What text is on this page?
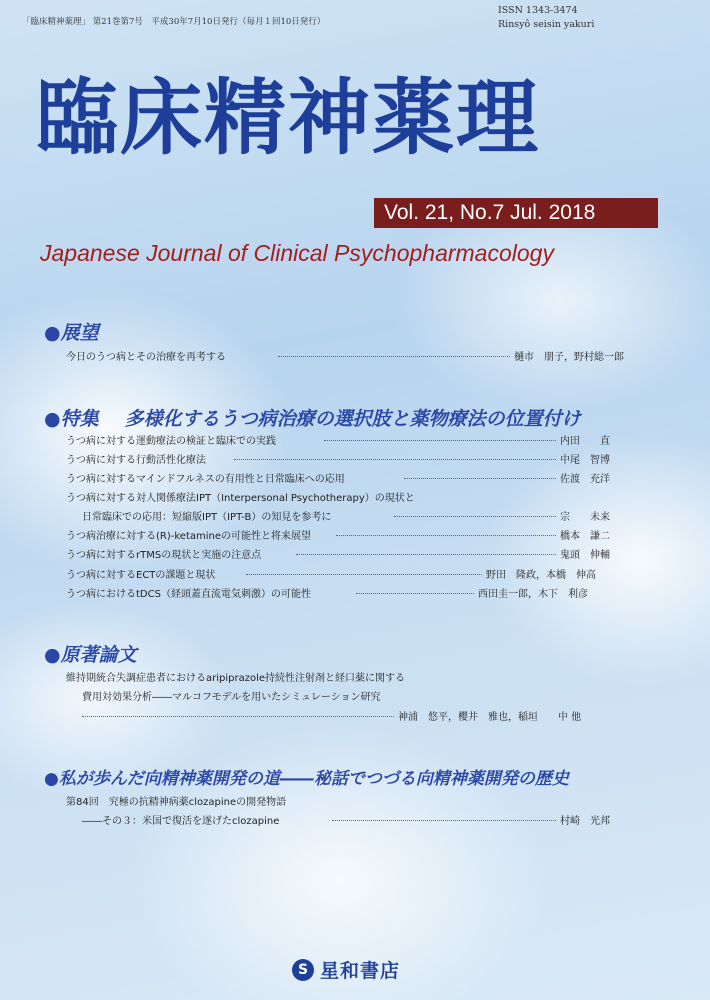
「臨床精神薬理」 第21巻第7号　平成30年7月10日発行（毎月１回10日発行）
ISSN 1343-3474
Rinsyô seisin yakuri
臨床精神薬理
Vol. 21, No.7 Jul. 2018
Japanese Journal of Clinical Psychopharmacology
●展望
今日のうつ病とその治療を再考する	樋市　朋子，野村総一郎
●特集 多様化するうつ病治療の選択肢と薬物療法の位置付け
うつ病に対する運動療法の検証と臨床での実践	内田　　直
うつ病に対する行動活性化療法	中尾　智博
うつ病に対するマインドフルネスの有用性と日常臨床への応用	佐渡　充洋
うつ病に対する対人関係療法IPT（Interpersonal Psychotherapy）の現状と
日常臨床での応用：短縮版IPT（IPT-B）の知見を参考に	宗　　未来
うつ病治療に対する(R)-ketamineの可能性と将来展望	橋本　謙二
うつ病に対するrTMSの現状と実施の注意点	鬼頭　伸輔
うつ病に対するECTの課題と現状	野田　隆政，本橋　伸高
うつ病におけるtDCS（経頭蓋直流電気刺激）の可能性	西田圭一郎，木下　利彦
●原著論文
維持期統合失調症患者におけるaripiprazole持続性注射剤と経口薬に関する
費用対効果分析――マルコフモデルを用いたシミュレーション研究
神浦　悠平，櫻井　雅也，稲垣　　中 他
●私が歩んだ向精神薬開発の道――秘話でつづる向精神薬開発の歴史
第84回　究極の抗精神病薬clozapineの開発物語
――その３：米国で復活を遂げたclozapine	村崎　光邦
S 星和書店
